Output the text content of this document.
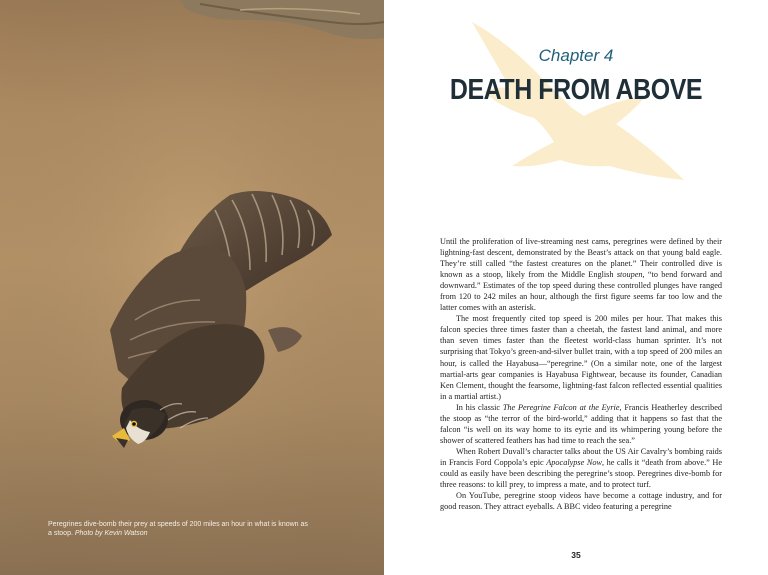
Peregrines dive-bomb their prey at speeds of 200 miles an hour in what is known as a stoop. Photo by Kevin Watson
Chapter 4
DEATH FROM ABOVE

Until the proliferation of live-streaming nest cams, peregrines were defined by their lightning-fast descent, demonstrated by the Beast’s attack on that young bald eagle. They’re still called “the fastest creatures on the planet.” Their controlled dive is known as a stoop, likely from the Middle English stoupen, “to bend forward and downward.” Estimates of the top speed during these controlled plunges have ranged from 120 to 242 miles an hour, although the first figure seems far too low and the latter comes with an asterisk.

The most frequently cited top speed is 200 miles per hour. That makes this falcon species three times faster than a cheetah, the fastest land animal, and more than seven times faster than the fleetest world-class human sprinter. It’s not surprising that Tokyo’s green-and-silver bullet train, with a top speed of 200 miles an hour, is called the Hayabusa—“peregrine.” (On a similar note, one of the largest martial-arts gear companies is Hayabusa Fightwear, because its founder, Canadian Ken Clement, thought the fearsome, lightning-fast falcon reflected essential qualities in a martial artist.)

In his classic The Peregrine Falcon at the Eyrie, Francis Heatherley described the stoop as “the terror of the bird-world,” adding that it happens so fast that the falcon “is well on its way home to its eyrie and its whimpering young before the shower of scattered feathers has had time to reach the sea.”

When Robert Duvall’s character talks about the US Air Cavalry’s bombing raids in Francis Ford Coppola’s epic Apocalypse Now, he calls it “death from above.” He could as easily have been describing the peregrine’s stoop. Peregrines dive-bomb for three reasons: to kill prey, to impress a mate, and to protect turf.

On YouTube, peregrine stoop videos have become a cottage industry, and for good reason. They attract eyeballs. A BBC video featuring a peregrine

35
